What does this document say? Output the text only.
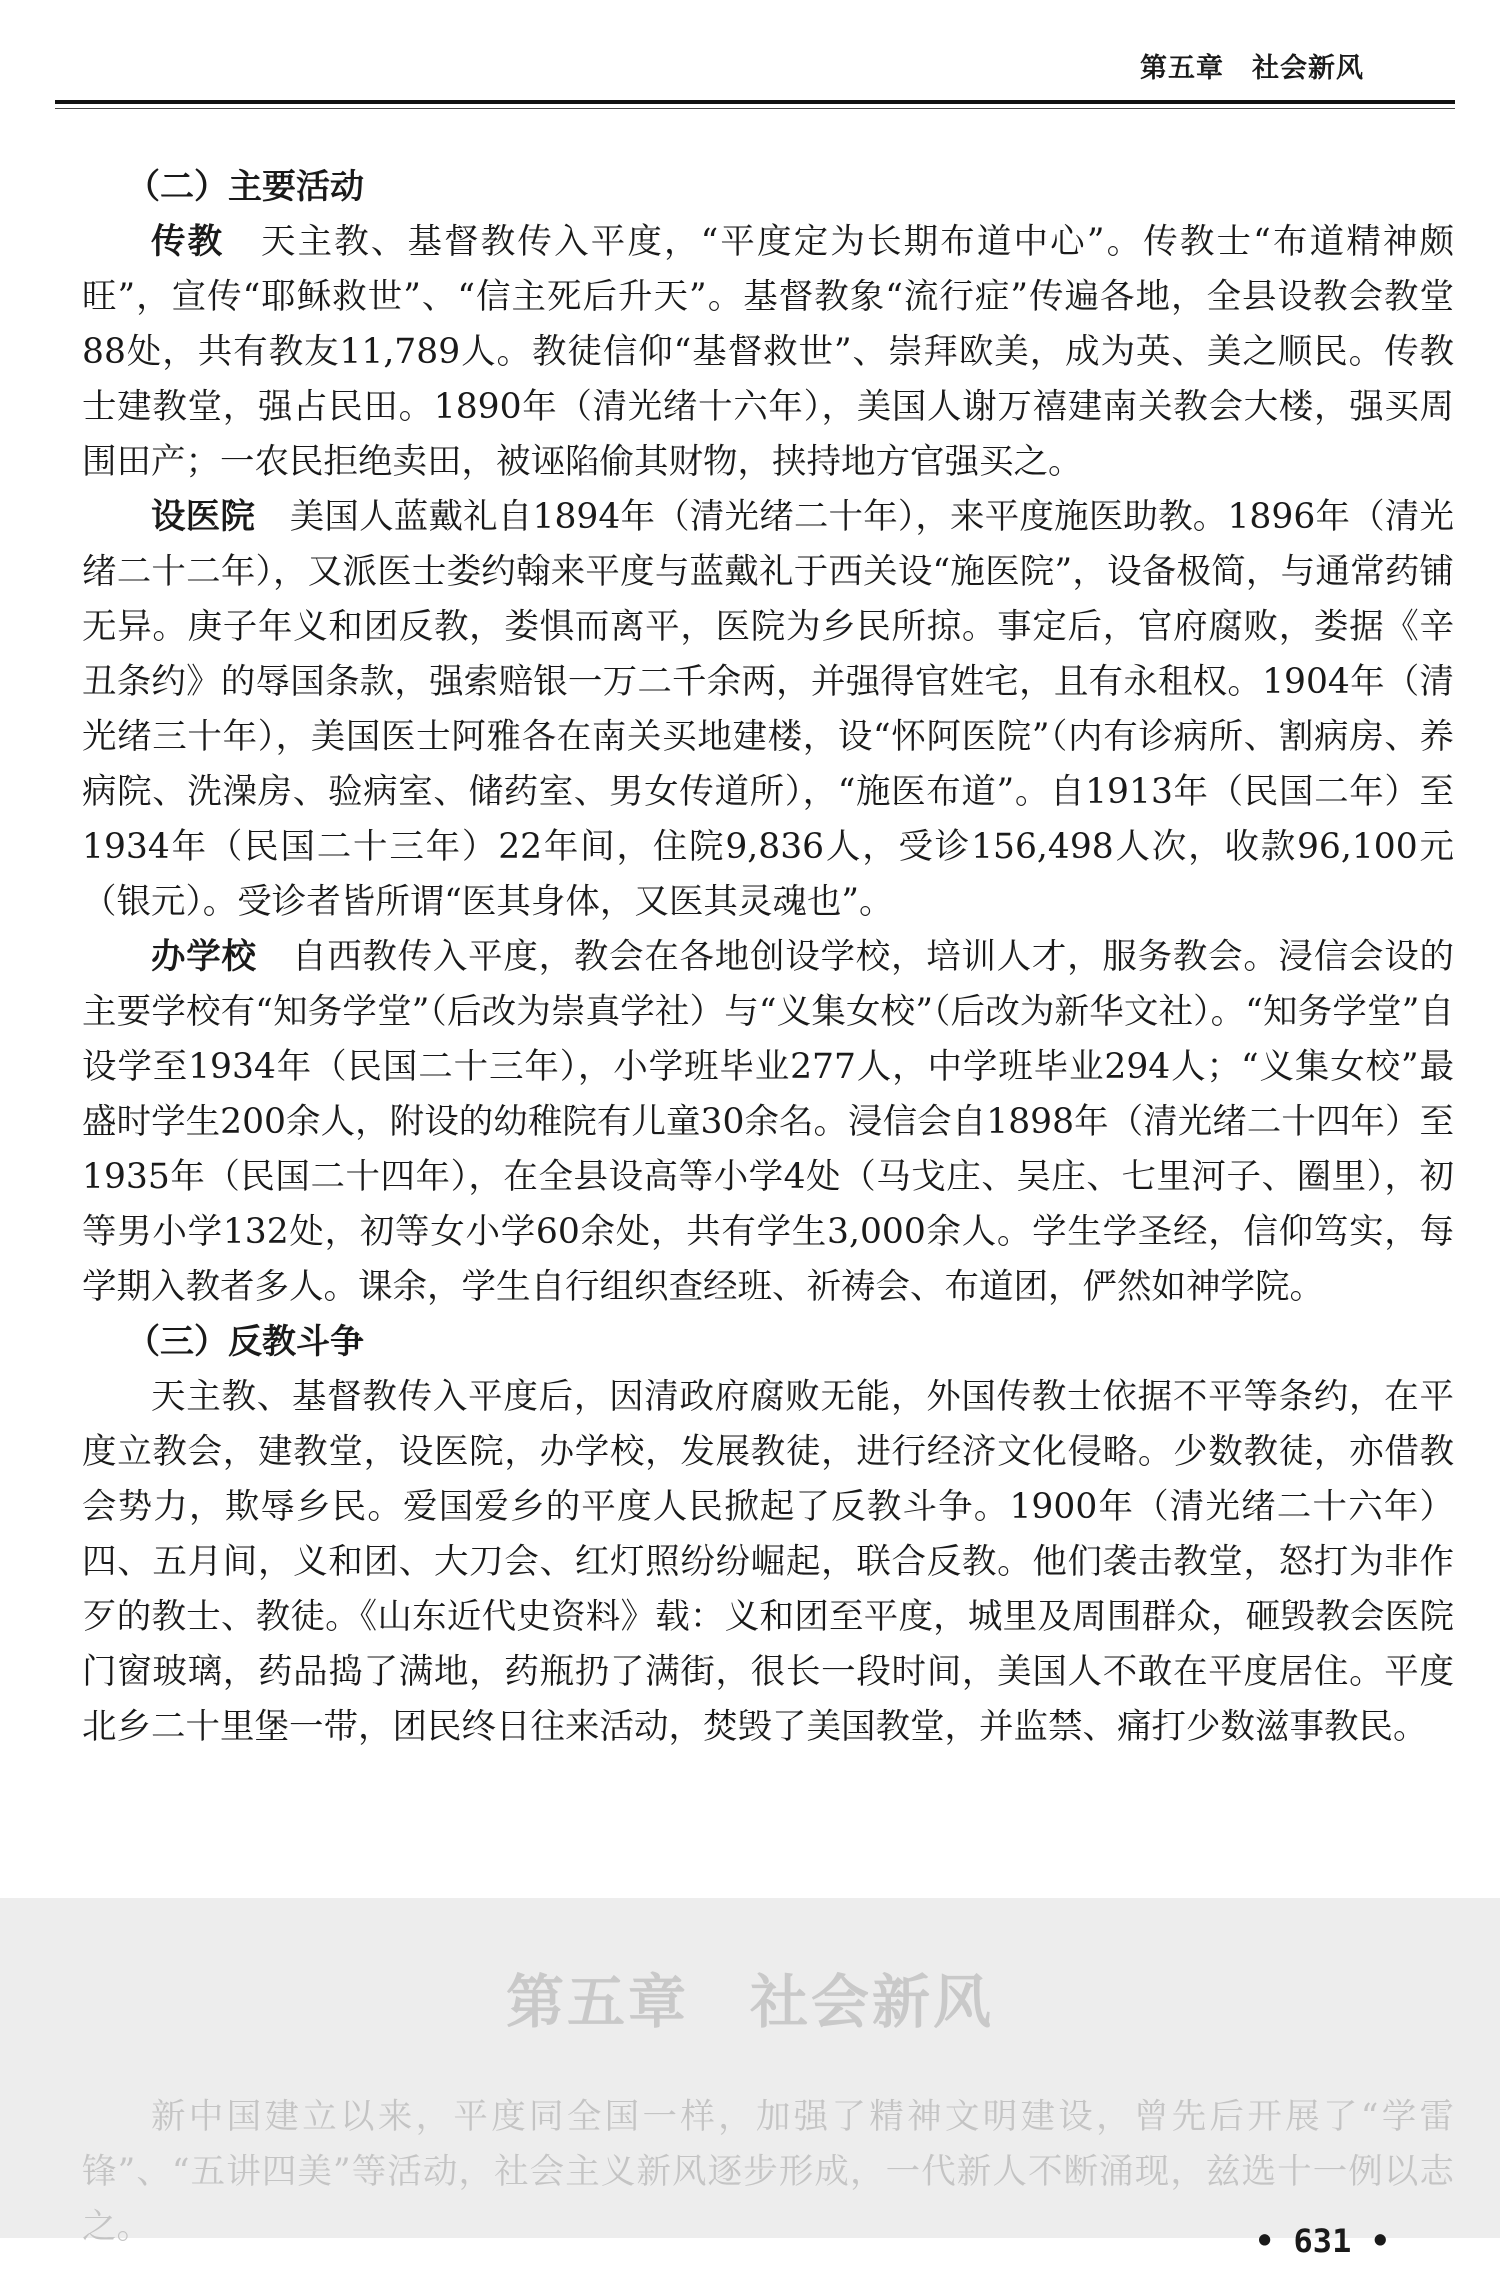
第五章　社会新风
（二）主要活动

传教　天主教、基督教传入平度，“平度定为长期布道中心”。传教士“布道精神颇旺”，宣传“耶稣救世”、“信主死后升天”。基督教象“流行症”传遍各地，全县设教会教堂88处，共有教友11,789人。教徒信仰“基督救世”、崇拜欧美，成为英、美之顺民。传教士建教堂，强占民田。1890年（清光绪十六年），美国人谢万禧建南关教会大楼，强买周围田产；一农民拒绝卖田，被诬陷偷其财物，挟持地方官强买之。

设医院　美国人蓝戴礼自1894年（清光绪二十年），来平度施医助教。1896年（清光绪二十二年），又派医士娄约翰来平度与蓝戴礼于西关设“施医院”，设备极简，与通常药铺无异。庚子年义和团反教，娄惧而离平，医院为乡民所掠。事定后，官府腐败，娄据《辛丑条约》的辱国条款，强索赔银一万二千余两，并强得官姓宅，且有永租权。1904年（清光绪三十年），美国医士阿雅各在南关买地建楼，设“怀阿医院”（内有诊病所、割病房、养病院、洗澡房、验病室、储药室、男女传道所），“施医布道”。自1913年（民国二年）至1934年（民国二十三年）22年间，住院9,836人，受诊156,498人次，收款96,100元（银元）。受诊者皆所谓“医其身体，又医其灵魂也”。

办学校　自西教传入平度，教会在各地创设学校，培训人才，服务教会。浸信会设的主要学校有“知务学堂”（后改为崇真学社）与“义集女校”（后改为新华文社）。“知务学堂”自设学至1934年（民国二十三年），小学班毕业277人，中学班毕业294人；“义集女校”最盛时学生200余人，附设的幼稚院有儿童30余名。浸信会自1898年（清光绪二十四年）至1935年（民国二十四年），在全县设高等小学4处（马戈庄、吴庄、七里河子、圈里），初等男小学132处，初等女小学60余处，共有学生3,000余人。学生学圣经，信仰笃实，每学期入教者多人。课余，学生自行组织查经班、祈祷会、布道团，俨然如神学院。

（三）反教斗争

天主教、基督教传入平度后，因清政府腐败无能，外国传教士依据不平等条约，在平度立教会，建教堂，设医院，办学校，发展教徒，进行经济文化侵略。少数教徒，亦借教会势力，欺辱乡民。爱国爱乡的平度人民掀起了反教斗争。1900年（清光绪二十六年）四、五月间，义和团、大刀会、红灯照纷纷崛起，联合反教。他们袭击教堂，怒打为非作歹的教士、教徒。《山东近代史资料》载：义和团至平度，城里及周围群众，砸毁教会医院门窗玻璃，药品捣了满地，药瓶扔了满街，很长一段时间，美国人不敢在平度居住。平度北乡二十里堡一带，团民终日往来活动，焚毁了美国教堂，并监禁、痛打少数滋事教民。

第五章　社会新风

新中国建立以来，平度同全国一样，加强了精神文明建设，曾先后开展了“学雷锋”、“五讲四美”等活动，社会主义新风逐步形成，一代新人不断涌现，兹选十一例以志之。	• 631 •
